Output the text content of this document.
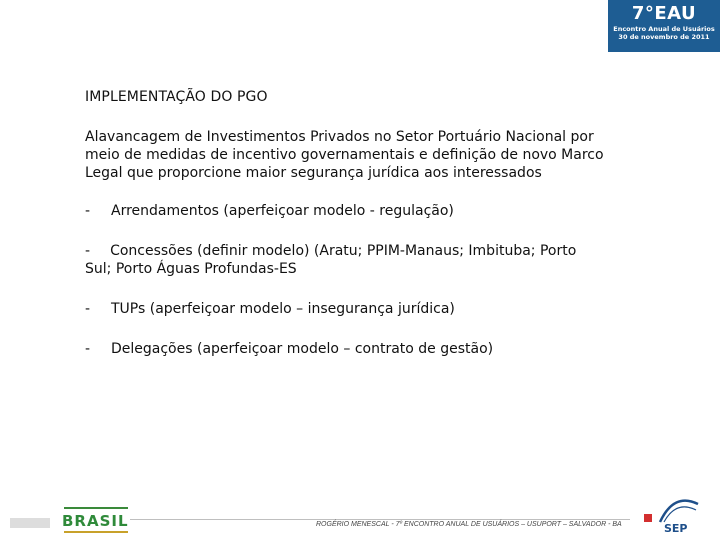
7°EAU
Encontro Anual de Usuários
30 de novembro de 2011
IMPLEMENTAÇÃO DO PGO
Alavancagem de Investimentos Privados no Setor Portuário Nacional por meio de medidas de incentivo governamentais e definição de novo Marco Legal que proporcione maior segurança jurídica aos interessados
-	Arrendamentos (aperfeiçoar modelo - regulação)
- Concessões (definir modelo) (Aratu; PPIM-Manaus; Imbituba; Porto Sul; Porto Águas Profundas-ES
-	TUPs (aperfeiçoar modelo – insegurança jurídica)
-	Delegações (aperfeiçoar modelo – contrato de gestão)
BRASIL	ROGÉRIO MENESCAL - 7º ENCONTRO ANUAL DE USUÁRIOS – USUPORT – SALVADOR - BA	SEP
